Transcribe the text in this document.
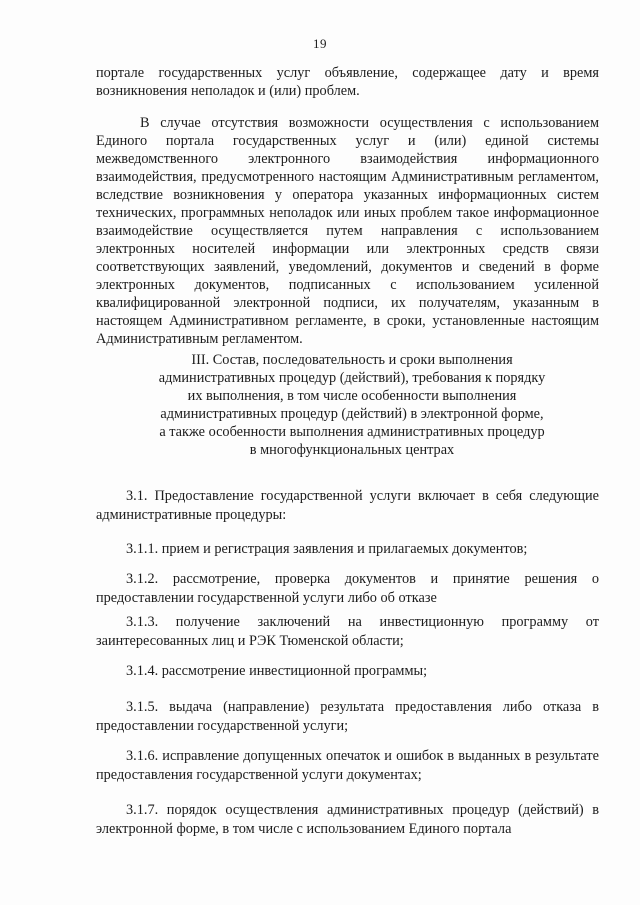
19

порталe государственных услуг объявление, содержащее дату и время возникновения неполадок и (или) проблем.

В случае отсутствия возможности осуществления с использованием Единого портала государственных услуг и (или) единой системы межведомственного электронного взаимодействия информационного взаимодействия, предусмотренного настоящим Административным регламентом, вследствие возникновения у оператора указанных информационных систем технических, программных неполадок или иных проблем такое информационное взаимодействие осуществляется путем направления с использованием электронных носителей информации или электронных средств связи соответствующих заявлений, уведомлений, документов и сведений в форме электронных документов, подписанных с использованием усиленной квалифицированной электронной подписи, их получателям, указанным в настоящем Административном регламенте, в сроки, установленные настоящим Административным регламентом.

III. Состав, последовательность и сроки выполнения
административных процедур (действий), требования к порядку
их выполнения, в том числе особенности выполнения
административных процедур (действий) в электронной форме,
а также особенности выполнения административных процедур
в многофункциональных центрах

3.1. Предоставление государственной услуги включает в себя следующие административные процедуры:

3.1.1. прием и регистрация заявления и прилагаемых документов;

3.1.2. рассмотрение, проверка документов и принятие решения о предоставлении государственной услуги либо об отказе

3.1.3. получение заключений на инвестиционную программу от заинтересованных лиц и РЭК Тюменской области;

3.1.4. рассмотрение инвестиционной программы;

3.1.5. выдача (направление) результата предоставления либо отказа в предоставлении государственной услуги;

3.1.6. исправление допущенных опечаток и ошибок в выданных в результате предоставления государственной услуги документах;

3.1.7. порядок осуществления административных процедур (действий) в электронной форме, в том числе с использованием Единого портала
